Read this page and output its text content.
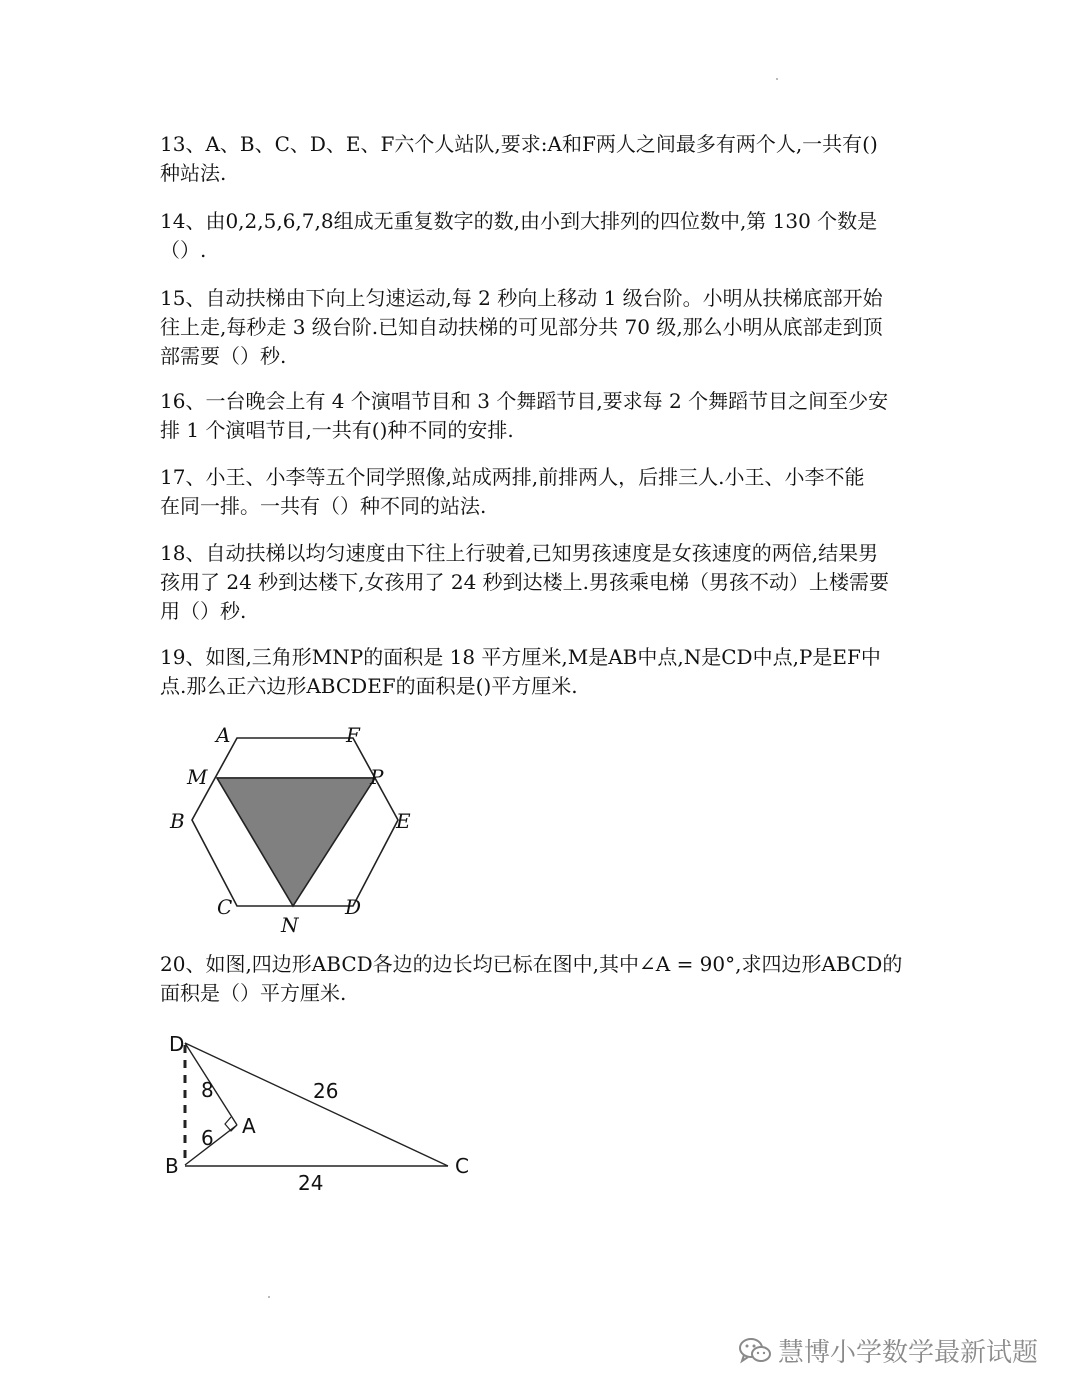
13、A、B、C、D、E、F六个人站队,要求:A和F两人之间最多有两个人,一共有()
种站法.
14、由0,2,5,6,7,8组成无重复数字的数,由小到大排列的四位数中,第 130 个数是
（）.
15、自动扶梯由下向上匀速运动,每 2 秒向上移动 1 级台阶。小明从扶梯底部开始
往上走,每秒走 3 级台阶.已知自动扶梯的可见部分共 70 级,那么小明从底部走到顶
部需要（）秒.
16、一台晚会上有 4 个演唱节目和 3 个舞蹈节目,要求每 2 个舞蹈节目之间至少安
排 1 个演唱节目,一共有()种不同的安排.
17、小王、小李等五个同学照像,站成两排,前排两人，后排三人.小王、小李不能
在同一排。一共有（）种不同的站法.
18、自动扶梯以均匀速度由下往上行驶着,已知男孩速度是女孩速度的两倍,结果男
孩用了 24 秒到达楼下,女孩用了 24 秒到达楼上.男孩乘电梯（男孩不动）上楼需要
用（）秒.
19、如图,三角形MNP的面积是 18 平方厘米,M是AB中点,N是CD中点,P是EF中
点.那么正六边形ABCDEF的面积是()平方厘米.
A	F
M	P
B	E
C	D
N
20、如图,四边形ABCD各边的边长均已标在图中,其中∠A = 90°,求四边形ABCD的
面积是（）平方厘米.
D
A
B	C
8
6
26
24
慧博小学数学最新试题
